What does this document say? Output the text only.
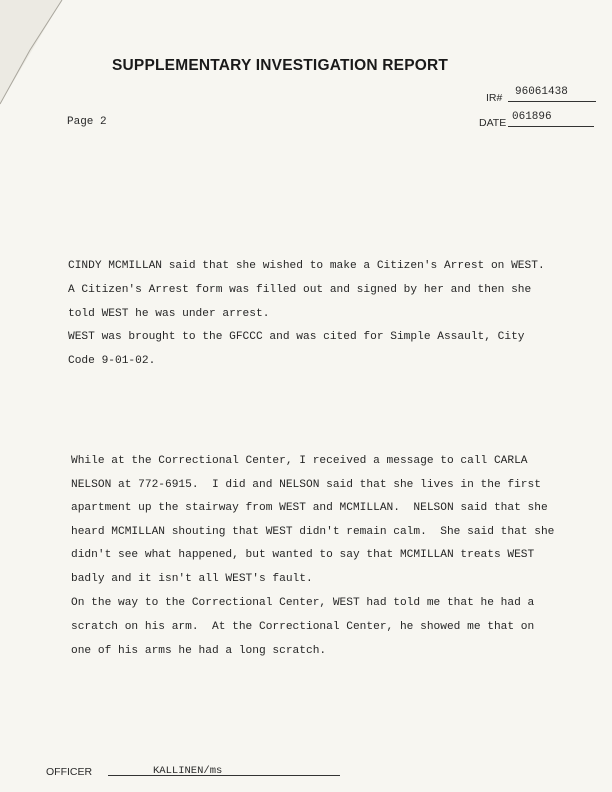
SUPPLEMENTARY INVESTIGATION REPORT
IR# 96061438
DATE 061896
Page 2
CINDY MCMILLAN said that she wished to make a Citizen's Arrest on WEST.
A Citizen's Arrest form was filled out and signed by her and then she
told WEST he was under arrest.
WEST was brought to the GFCCC and was cited for Simple Assault, City
Code 9-01-02.
While at the Correctional Center, I received a message to call CARLA
NELSON at 772-6915.  I did and NELSON said that she lives in the first
apartment up the stairway from WEST and MCMILLAN.  NELSON said that she
heard MCMILLAN shouting that WEST didn't remain calm.  She said that she
didn't see what happened, but wanted to say that MCMILLAN treats WEST
badly and it isn't all WEST's fault.
On the way to the Correctional Center, WEST had told me that he had a
scratch on his arm.  At the Correctional Center, he showed me that on
one of his arms he had a long scratch.
OFFICER	KALLINEN/ms
